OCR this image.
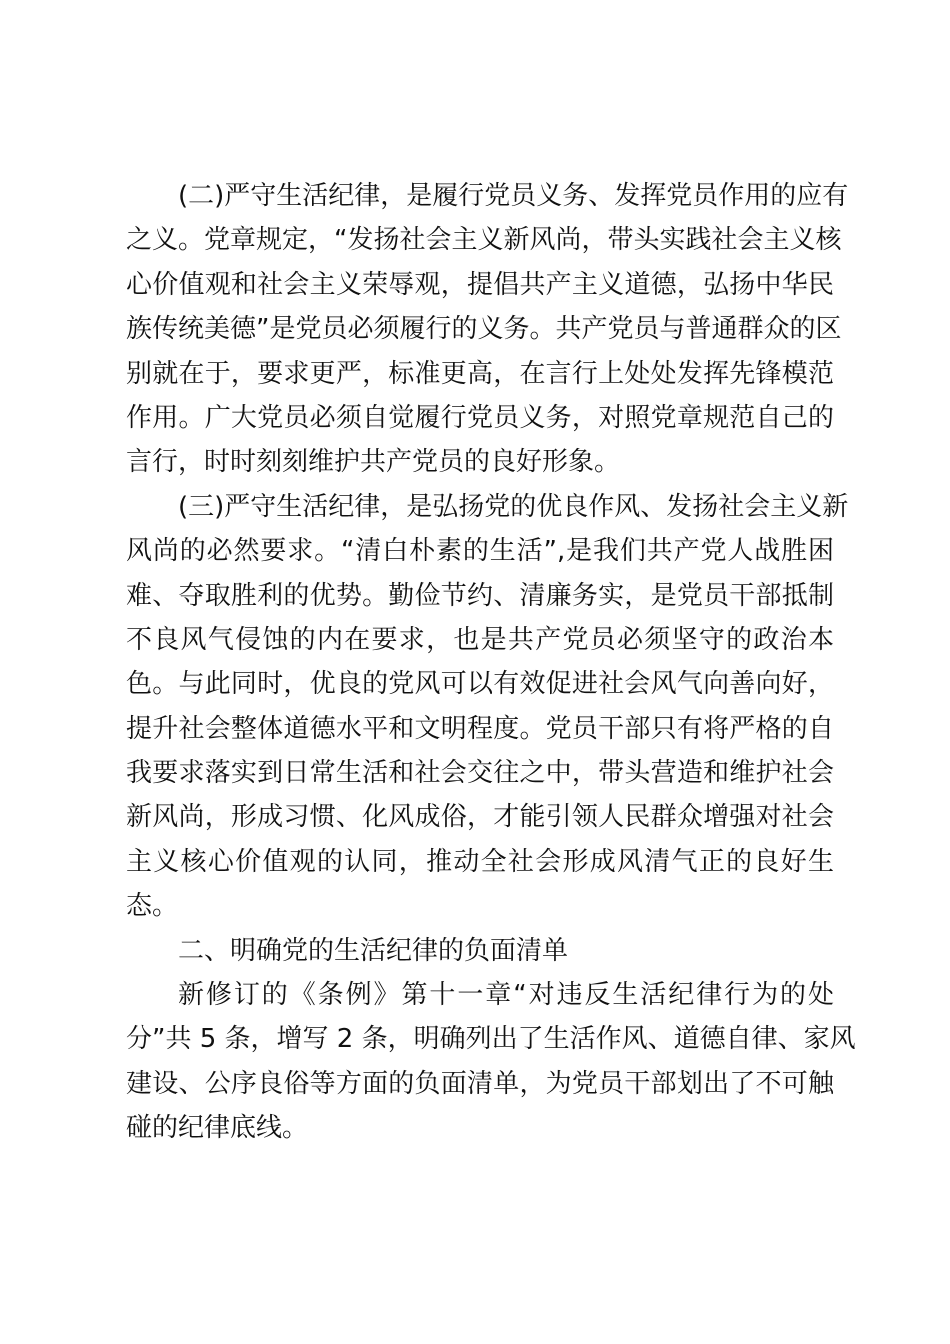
(二)严守生活纪律，是履行党员义务、发挥党员作用的应有
之义。党章规定，“发扬社会主义新风尚，带头实践社会主义核
心价值观和社会主义荣辱观，提倡共产主义道德，弘扬中华民
族传统美德”是党员必须履行的义务。共产党员与普通群众的区
别就在于，要求更严，标准更高，在言行上处处发挥先锋模范
作用。广大党员必须自觉履行党员义务，对照党章规范自己的
言行，时时刻刻维护共产党员的良好形象。
(三)严守生活纪律，是弘扬党的优良作风、发扬社会主义新
风尚的必然要求。“清白朴素的生活”,是我们共产党人战胜困
难、夺取胜利的优势。勤俭节约、清廉务实，是党员干部抵制
不良风气侵蚀的内在要求，也是共产党员必须坚守的政治本
色。与此同时，优良的党风可以有效促进社会风气向善向好，
提升社会整体道德水平和文明程度。党员干部只有将严格的自
我要求落实到日常生活和社会交往之中，带头营造和维护社会
新风尚，形成习惯、化风成俗，才能引领人民群众增强对社会
主义核心价值观的认同，推动全社会形成风清气正的良好生
态。
二、明确党的生活纪律的负面清单
新修订的《条例》第十一章“对违反生活纪律行为的处
分”共 5 条，增写 2 条，明确列出了生活作风、道德自律、家风
建设、公序良俗等方面的负面清单，为党员干部划出了不可触
碰的纪律底线。
